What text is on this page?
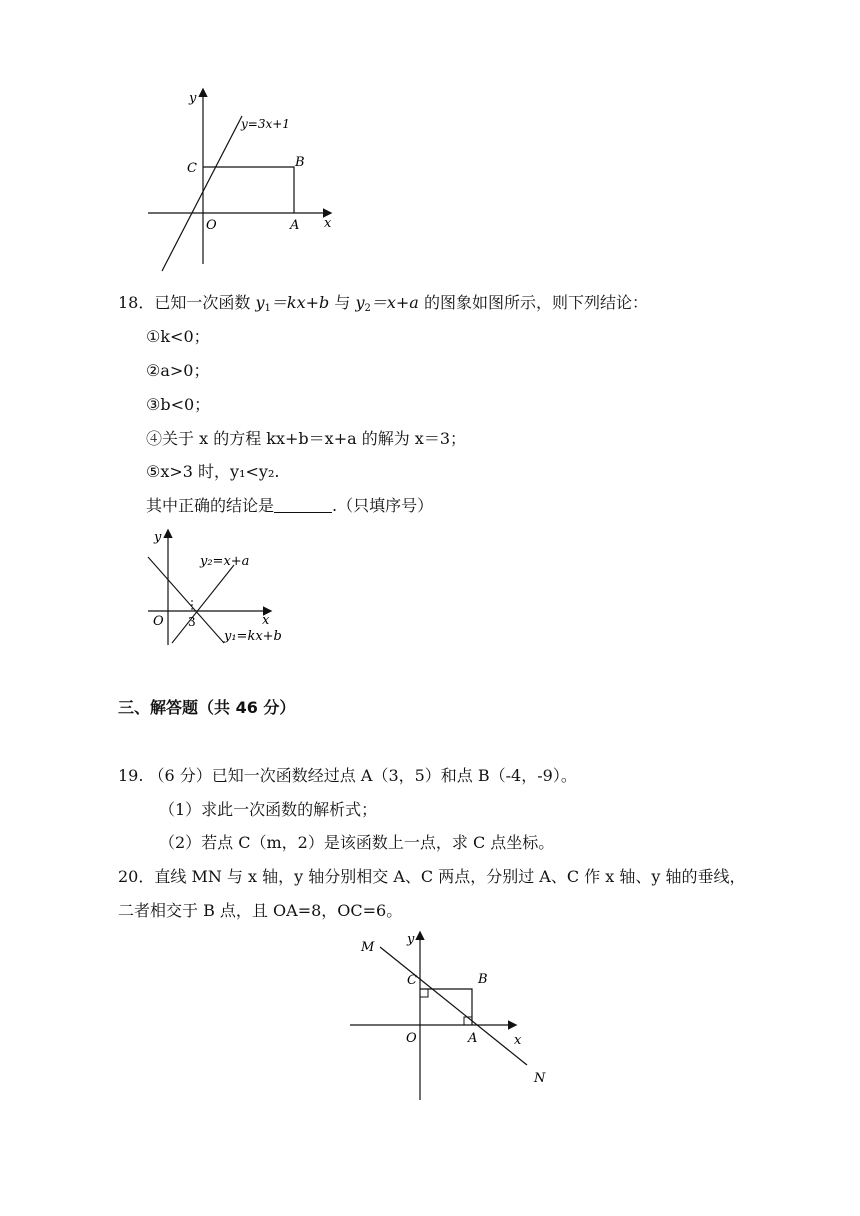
y
y=3x+1
C	B
O	A x
18．已知一次函数 $y_1=kx+b$ 与 $y_2=x+a$ 的图象如图所示，则下列结论：
①k<0；
②a>0；
③b<0；
④关于 x 的方程 kx+b＝x+a 的解为 x＝3；
⑤x>3 时，y₁<y₂.
其中正确的结论是	.（只填序号）
y
y₂=x+a
x
O 3
y₁=kx+b
三、解答题（共 46 分）
19. （6 分）已知一次函数经过点 A（3，5）和点 B（-4，-9）。
（1）求此一次函数的解析式；
（2）若点 C（m，2）是该函数上一点，求 C 点坐标。
20．直线 MN 与 x 轴，y 轴分别相交 A、C 两点，分别过 A、C 作 x 轴、y 轴的垂线，
二者相交于 B 点，且 OA=8，OC=6。
M
y
C	B
O	A	x
N
